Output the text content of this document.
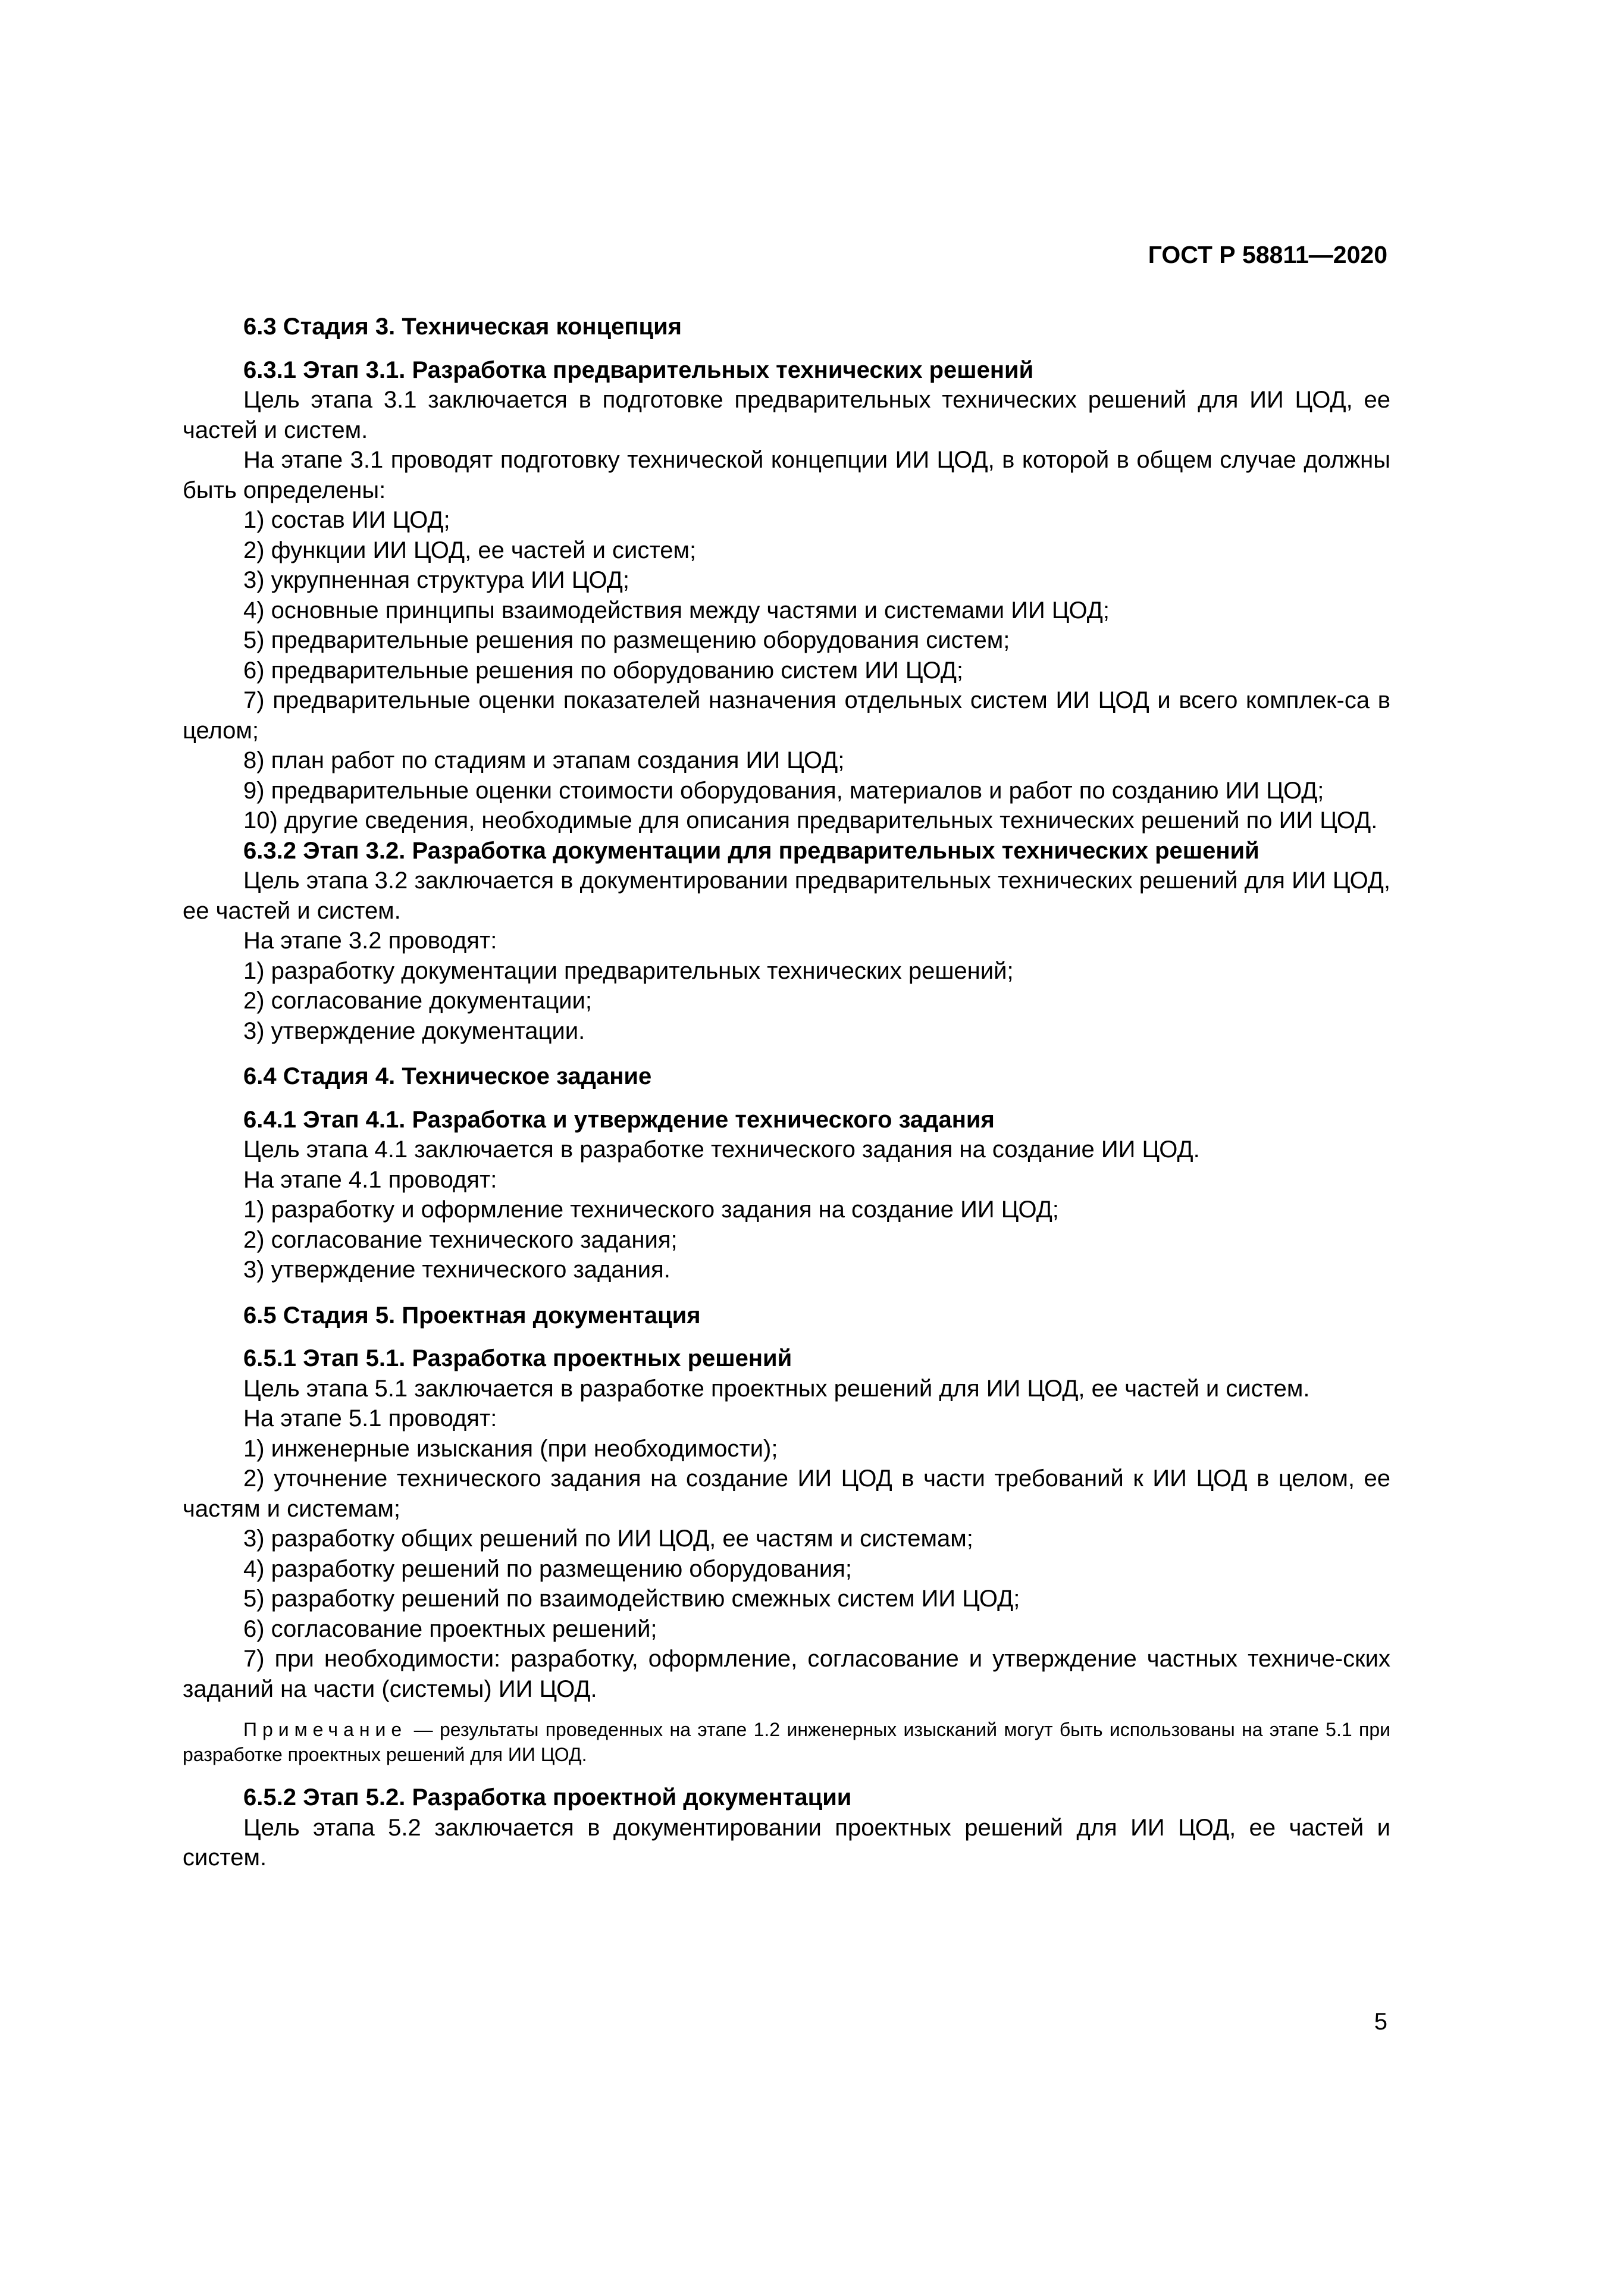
ГОСТ Р 58811—2020
6.3 Стадия 3. Техническая концепция
6.3.1 Этап 3.1. Разработка предварительных технических решений

Цель этапа 3.1 заключается в подготовке предварительных технических решений для ИИ ЦОД, ее частей и систем.

На этапе 3.1 проводят подготовку технической концепции ИИ ЦОД, в которой в общем случае должны быть определены:

1) состав ИИ ЦОД;

2) функции ИИ ЦОД, ее частей и систем;

3) укрупненная структура ИИ ЦОД;

4) основные принципы взаимодействия между частями и системами ИИ ЦОД;

5) предварительные решения по размещению оборудования систем;

6) предварительные решения по оборудованию систем ИИ ЦОД;

7) предварительные оценки показателей назначения отдельных систем ИИ ЦОД и всего комплек-са в целом;

8) план работ по стадиям и этапам создания ИИ ЦОД;

9) предварительные оценки стоимости оборудования, материалов и работ по созданию ИИ ЦОД;

10) другие сведения, необходимые для описания предварительных технических решений по ИИ ЦОД.

6.3.2 Этап 3.2. Разработка документации для предварительных технических решений

Цель этапа 3.2 заключается в документировании предварительных технических решений для ИИ ЦОД, ее частей и систем.

На этапе 3.2 проводят:

1) разработку документации предварительных технических решений;

2) согласование документации;

3) утверждение документации.

6.4 Стадия 4. Техническое задание
6.4.1 Этап 4.1. Разработка и утверждение технического задания

Цель этапа 4.1 заключается в разработке технического задания на создание ИИ ЦОД.

На этапе 4.1 проводят:

1) разработку и оформление технического задания на создание ИИ ЦОД;

2) согласование технического задания;

3) утверждение технического задания.

6.5 Стадия 5. Проектная документация
6.5.1 Этап 5.1. Разработка проектных решений

Цель этапа 5.1 заключается в разработке проектных решений для ИИ ЦОД, ее частей и систем.

На этапе 5.1 проводят:

1) инженерные изыскания (при необходимости);

2) уточнение технического задания на создание ИИ ЦОД в части требований к ИИ ЦОД в целом, ее частям и системам;

3) разработку общих решений по ИИ ЦОД, ее частям и системам;

4) разработку решений по размещению оборудования;

5) разработку решений по взаимодействию смежных систем ИИ ЦОД;

6) согласование проектных решений;

7) при необходимости: разработку, оформление, согласование и утверждение частных техниче-ских заданий на части (системы) ИИ ЦОД.

Примечание — результаты проведенных на этапе 1.2 инженерных изысканий могут быть использованы на этапе 5.1 при разработке проектных решений для ИИ ЦОД.

6.5.2 Этап 5.2. Разработка проектной документации

Цель этапа 5.2 заключается в документировании проектных решений для ИИ ЦОД, ее частей и систем.

5
